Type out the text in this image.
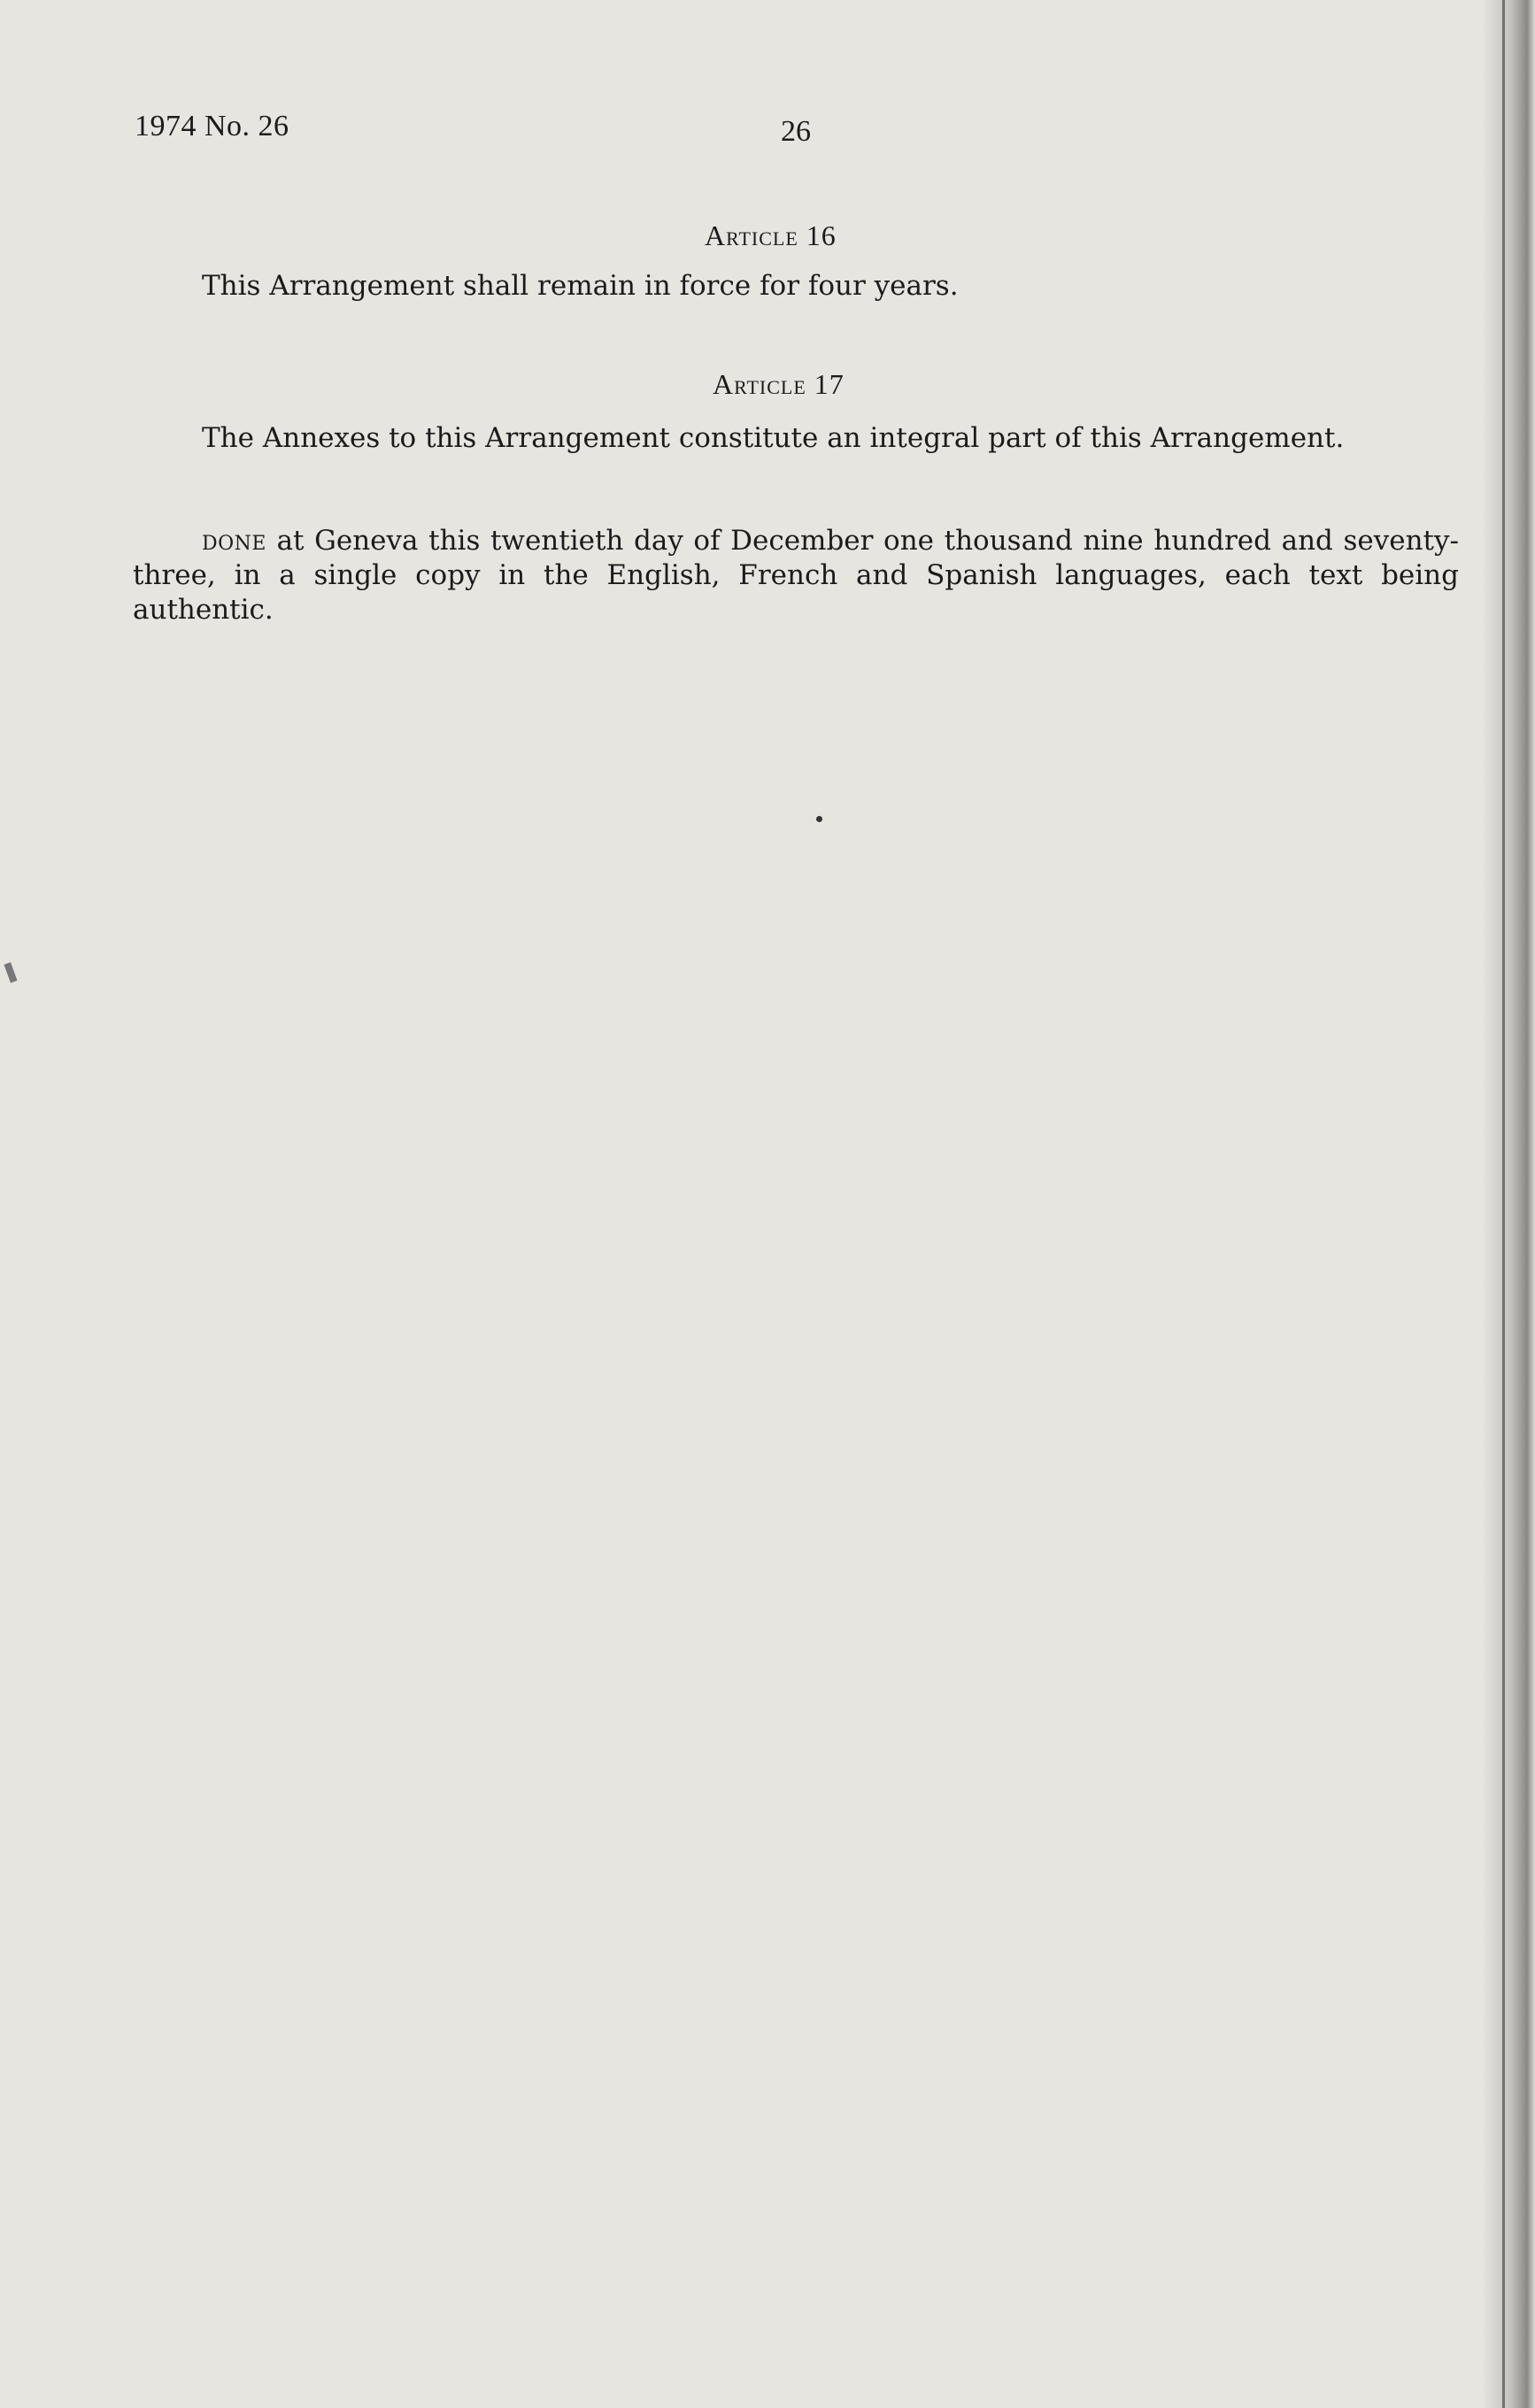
1974 No. 26	26
Article 16
This Arrangement shall remain in force for four years.
Article 17
The Annexes to this Arrangement constitute an integral part of this Arrangement.
done at Geneva this twentieth day of December one thousand nine hundred and seventy-three, in a single copy in the English, French and Spanish languages, each text being authentic.
